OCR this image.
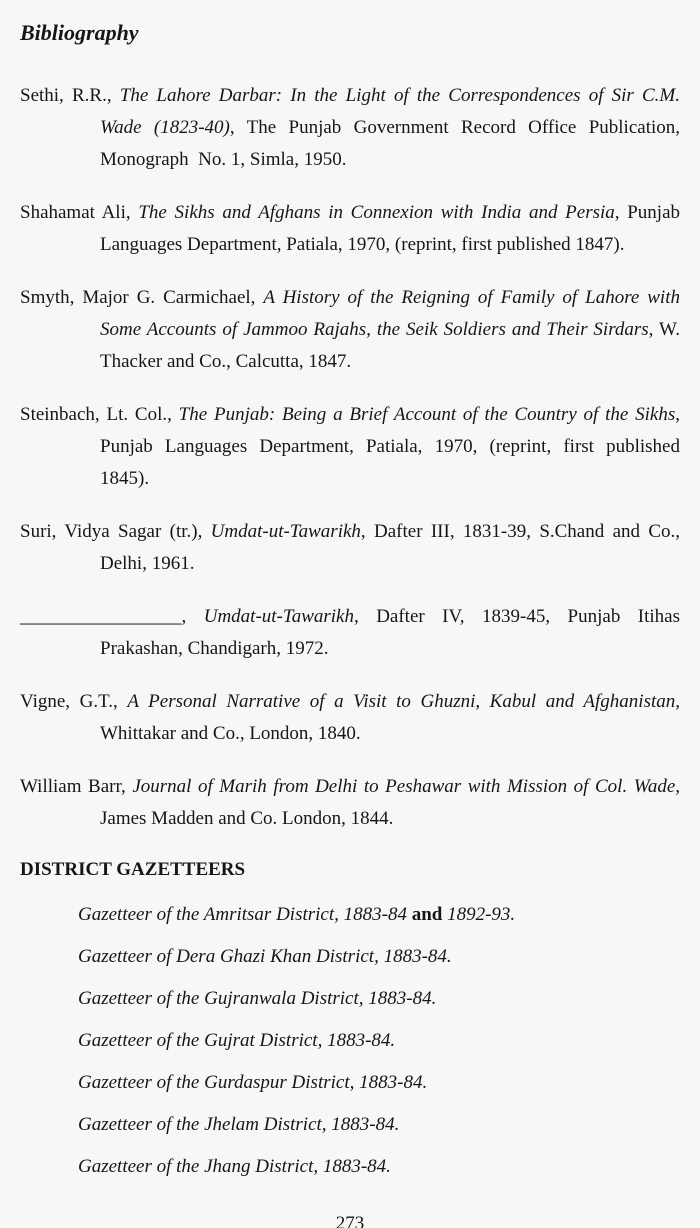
Bibliography

Sethi, R.R., The Lahore Darbar: In the Light of the Correspondences of Sir C.M. Wade (1823-40), The Punjab Government Record Office Publication, Monograph  No. 1, Simla, 1950.

Shahamat Ali, The Sikhs and Afghans in Connexion with India and Persia, Punjab Languages Department, Patiala, 1970, (reprint, first published 1847).

Smyth, Major G. Carmichael, A History of the Reigning of Family of Lahore with Some Accounts of Jammoo Rajahs, the Seik Soldiers and Their Sirdars, W. Thacker and Co., Calcutta, 1847.

Steinbach, Lt. Col., The Punjab: Being a Brief Account of the Country of the Sikhs, Punjab Languages Department, Patiala, 1970, (reprint, first published 1845).

Suri, Vidya Sagar (tr.), Umdat-ut-Tawarikh, Dafter III, 1831-39, S.Chand and Co., Delhi, 1961.

_________________, Umdat-ut-Tawarikh, Dafter IV, 1839-45, Punjab Itihas Prakashan, Chandigarh, 1972.

Vigne, G.T., A Personal Narrative of a Visit to Ghuzni, Kabul and Afghanistan, Whittakar and Co., London, 1840.

William Barr, Journal of Marih from Delhi to Peshawar with Mission of Col. Wade, James Madden and Co. London, 1844.

DISTRICT GAZETTEERS

Gazetteer of the Amritsar District, 1883-84 and 1892-93.

Gazetteer of Dera Ghazi Khan District, 1883-84.

Gazetteer of the Gujranwala District, 1883-84.

Gazetteer of the Gujrat District, 1883-84.

Gazetteer of the Gurdaspur District, 1883-84.

Gazetteer of the Jhelam District, 1883-84.

Gazetteer of the Jhang District, 1883-84.

273
